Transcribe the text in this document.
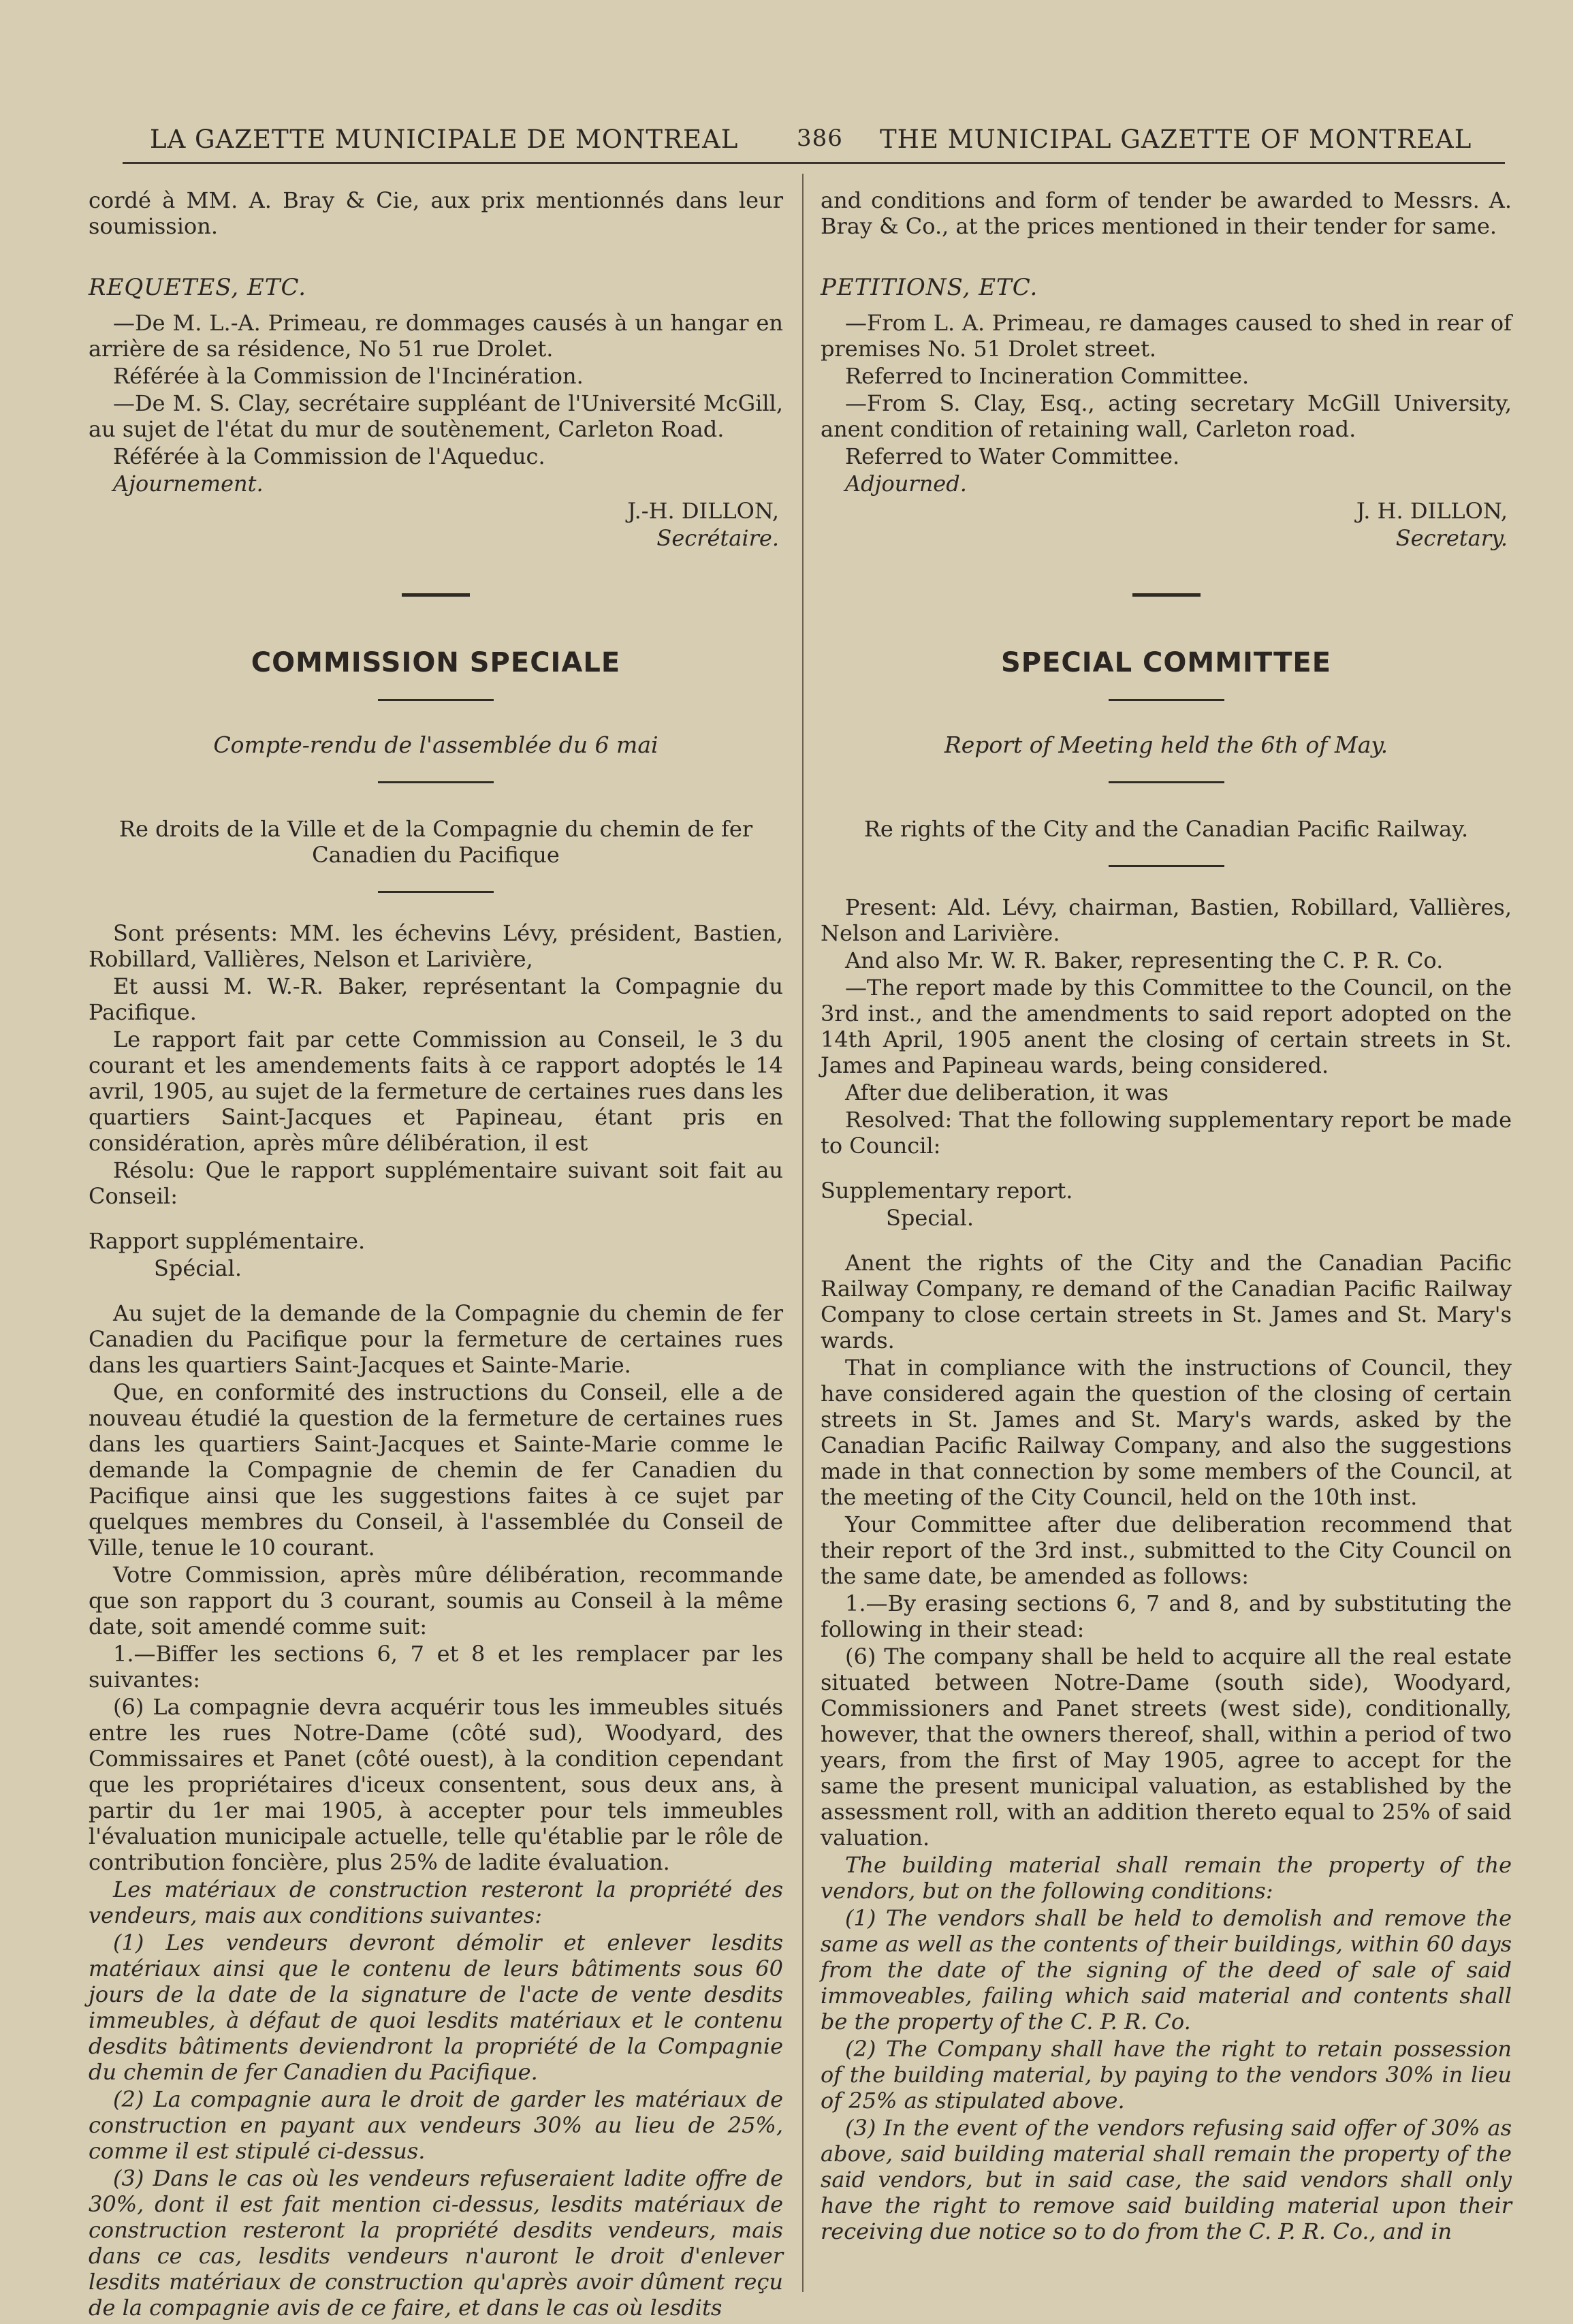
LA GAZETTE MUNICIPALE DE MONTREAL	386 THE MUNICIPAL GAZETTE OF MONTREAL

cordé à MM. A. Bray & Cie, aux prix mentionnés dans leur soumission.

REQUETES, ETC.

—De M. L.-A. Primeau, re dommages causés à un hangar en arrière de sa résidence, No 51 rue Drolet.

Référée à la Commission de l'Incinération.

—De M. S. Clay, secrétaire suppléant de l'Université McGill, au sujet de l'état du mur de soutènement, Carleton Road.

Référée à la Commission de l'Aqueduc.

Ajournement.

J.-H. DILLON,

Secrétaire.

COMMISSION SPECIALE

Compte-rendu de l'assemblée du 6 mai

Re droits de la Ville et de la Compagnie du chemin de fer Canadien du Pacifique

Sont présents: MM. les échevins Lévy, président, Bastien, Robillard, Vallières, Nelson et Larivière,

Et aussi M. W.-R. Baker, représentant la Compagnie du Pacifique.

Le rapport fait par cette Commission au Conseil, le 3 du courant et les amendements faits à ce rapport adoptés le 14 avril, 1905, au sujet de la fermeture de certaines rues dans les quartiers Saint-Jacques et Papineau, étant pris en considération, après mûre délibération, il est

Résolu: Que le rapport supplémentaire suivant soit fait au Conseil:

Rapport supplémentaire.

Spécial.

Au sujet de la demande de la Compagnie du chemin de fer Canadien du Pacifique pour la fermeture de certaines rues dans les quartiers Saint-Jacques et Sainte-Marie.

Que, en conformité des instructions du Conseil, elle a de nouveau étudié la question de la fermeture de certaines rues dans les quartiers Saint-Jacques et Sainte-Marie comme le demande la Compagnie de chemin de fer Canadien du Pacifique ainsi que les suggestions faites à ce sujet par quelques membres du Conseil, à l'assemblée du Conseil de Ville, tenue le 10 courant.

Votre Commission, après mûre délibération, recommande que son rapport du 3 courant, soumis au Conseil à la même date, soit amendé comme suit:

1.—Biffer les sections 6, 7 et 8 et les remplacer par les suivantes:

(6) La compagnie devra acquérir tous les immeubles situés entre les rues Notre-Dame (côté sud), Woodyard, des Commissaires et Panet (côté ouest), à la condition cependant que les propriétaires d'iceux consentent, sous deux ans, à partir du 1er mai 1905, à accepter pour tels immeubles l'évaluation municipale actuelle, telle qu'établie par le rôle de contribution foncière, plus 25% de ladite évaluation.

Les matériaux de construction resteront la propriété des vendeurs, mais aux conditions suivantes:

(1) Les vendeurs devront démolir et enlever lesdits matériaux ainsi que le contenu de leurs bâtiments sous 60 jours de la date de la signature de l'acte de vente desdits immeubles, à défaut de quoi lesdits matériaux et le contenu desdits bâtiments deviendront la propriété de la Compagnie du chemin de fer Canadien du Pacifique.

(2) La compagnie aura le droit de garder les matériaux de construction en payant aux vendeurs 30% au lieu de 25%, comme il est stipulé ci-dessus.

(3) Dans le cas où les vendeurs refuseraient ladite offre de 30%, dont il est fait mention ci-dessus, lesdits matériaux de construction resteront la propriété desdits vendeurs, mais dans ce cas, lesdits vendeurs n'auront le droit d'enlever lesdits matériaux de construction qu'après avoir dûment reçu de la compagnie avis de ce faire, et dans le cas où lesdits

and conditions and form of tender be awarded to Messrs. A. Bray & Co., at the prices mentioned in their tender for same.

PETITIONS, ETC.

—From L. A. Primeau, re damages caused to shed in rear of premises No. 51 Drolet street.

Referred to Incineration Committee.

—From S. Clay, Esq., acting secretary McGill University, anent condition of retaining wall, Carleton road.

Referred to Water Committee.

Adjourned.

J. H. DILLON,

Secretary.

SPECIAL COMMITTEE

Report of Meeting held the 6th of May.

Re rights of the City and the Canadian Pacific Railway.

Present: Ald. Lévy, chairman, Bastien, Robillard, Vallières, Nelson and Larivière.

And also Mr. W. R. Baker, representing the C. P. R. Co.

—The report made by this Committee to the Council, on the 3rd inst., and the amendments to said report adopted on the 14th April, 1905 anent the closing of certain streets in St. James and Papineau wards, being considered.

After due deliberation, it was

Resolved: That the following supplementary report be made to Council:

Supplementary report.

Special.

Anent the rights of the City and the Canadian Pacific Railway Company, re demand of the Canadian Pacific Railway Company to close certain streets in St. James and St. Mary's wards.

That in compliance with the instructions of Council, they have considered again the question of the closing of certain streets in St. James and St. Mary's wards, asked by the Canadian Pacific Railway Company, and also the suggestions made in that connection by some members of the Council, at the meeting of the City Council, held on the 10th inst.

Your Committee after due deliberation recommend that their report of the 3rd inst., submitted to the City Council on the same date, be amended as follows:

1.—By erasing sections 6, 7 and 8, and by substituting the following in their stead:

(6) The company shall be held to acquire all the real estate situated between Notre-Dame (south side), Woodyard, Commissioners and Panet streets (west side), conditionally, however, that the owners thereof, shall, within a period of two years, from the first of May 1905, agree to accept for the same the present municipal valuation, as established by the assessment roll, with an addition thereto equal to 25% of said valuation.

The building material shall remain the property of the vendors, but on the following conditions:

(1) The vendors shall be held to demolish and remove the same as well as the contents of their buildings, within 60 days from the date of the signing of the deed of sale of said immoveables, failing which said material and contents shall be the property of the C. P. R. Co.

(2) The Company shall have the right to retain possession of the building material, by paying to the vendors 30% in lieu of 25% as stipulated above.

(3) In the event of the vendors refusing said offer of 30% as above, said building material shall remain the property of the said vendors, but in said case, the said vendors shall only have the right to remove said building material upon their receiving due notice so to do from the C. P. R. Co., and in
